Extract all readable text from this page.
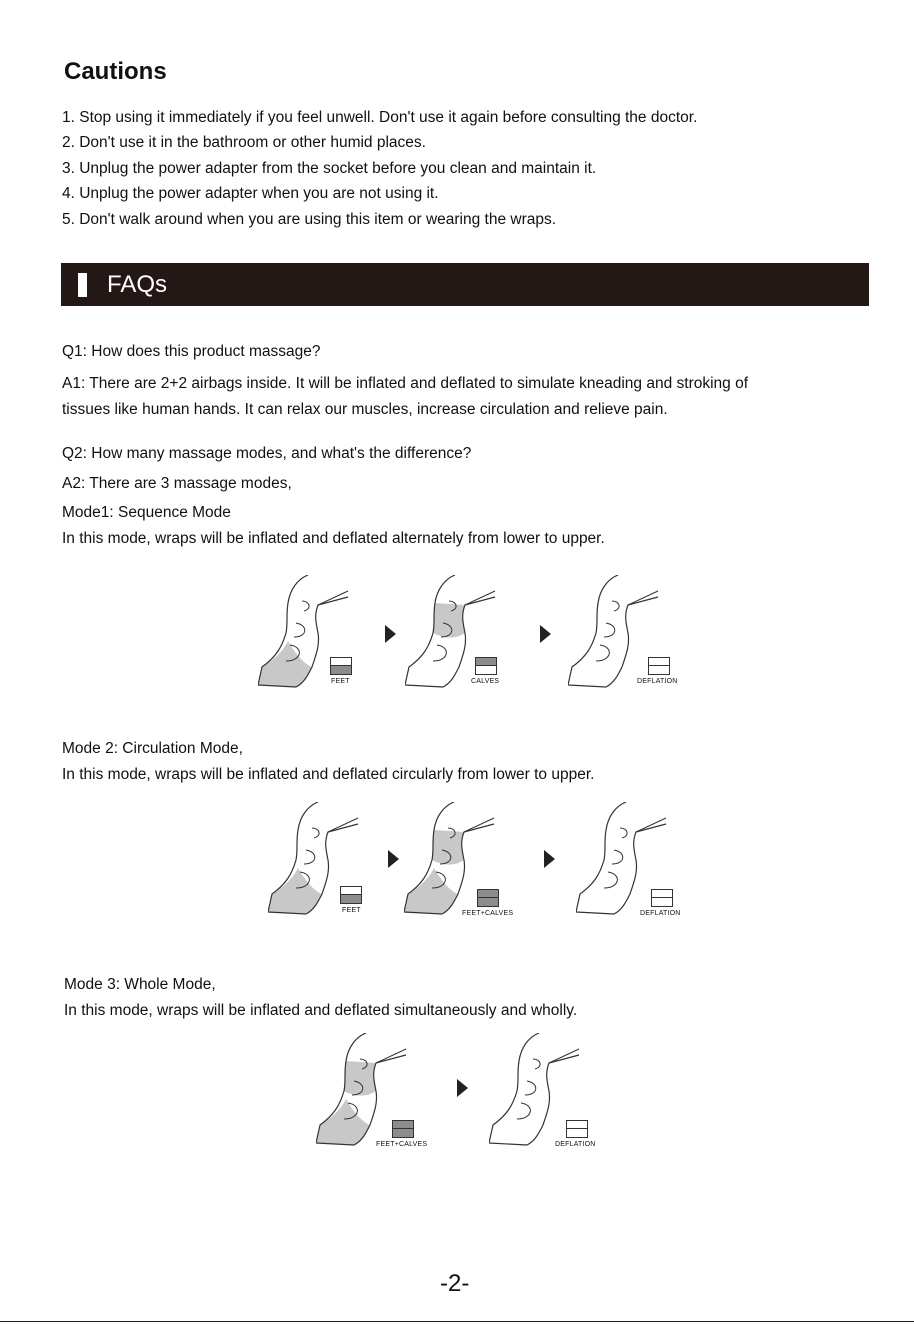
Cautions
1. Stop using it immediately if you feel unwell. Don't use it again before consulting the doctor.
2. Don't use it in the bathroom or other humid places.
3. Unplug the power adapter from the socket before you clean and maintain it.
4. Unplug the power adapter when you are not using it.
5. Don't walk around when you are using this item or wearing the wraps.
FAQs
Q1: How does this product massage?
A1: There are 2+2 airbags inside. It will be inflated and deflated to simulate kneading and stroking of
tissues like human hands. It can relax our muscles, increase circulation and relieve pain.
Q2: How many massage modes, and what's the difference?
A2: There are 3 massage modes,
Mode1: Sequence Mode
In this mode, wraps will be inflated and deflated alternately from lower to upper.
FEET	CALVES	DEFLATION
Mode 2: Circulation Mode,
In this mode, wraps will be inflated and deflated circularly from lower to upper.
FEET	FEET+CALVES	DEFLATION
Mode 3: Whole Mode,
In this mode, wraps will be inflated and deflated simultaneously and wholly.
FEET+CALVES	DEFLATION
-2-
